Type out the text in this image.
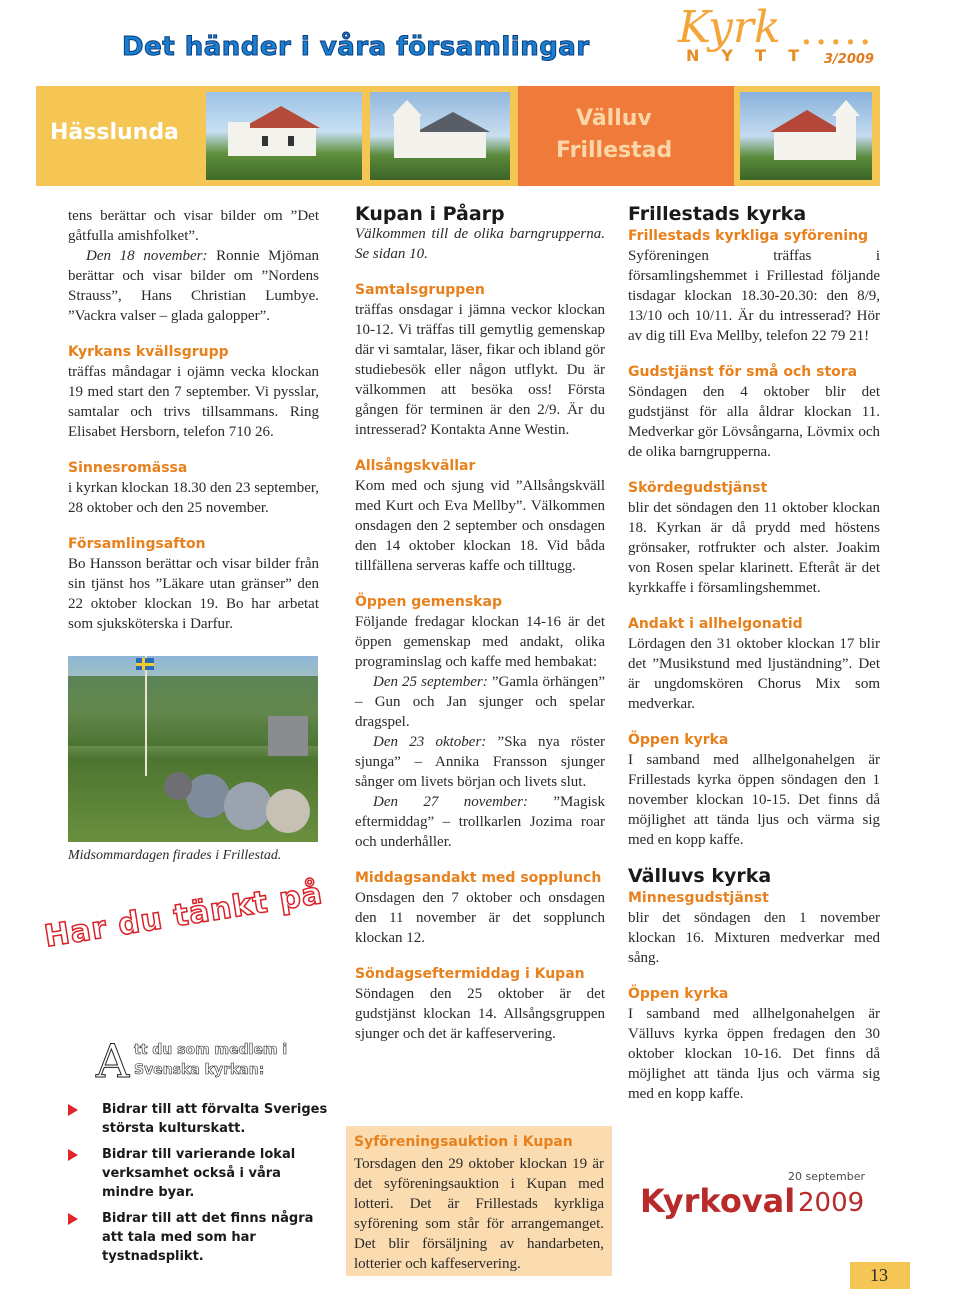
Det händer i våra församlingar Kyrk .....
NYTT 3/2009
Hässlunda
Välluv
Frillestad

tens berättar och visar bilder om ”Det gåtfulla amishfolket”.

Den 18 november: Ronnie Mjöman berättar och visar bilder om ”Nordens Strauss”, Hans Christian Lumbye. ”Vackra valser – glada galopper”.

Kyrkans kvällsgrupp

träffas måndagar i ojämn vecka klockan 19 med start den 7 september. Vi pysslar, samtalar och trivs tillsammans. Ring Elisabet Hersborn, telefon 710 26.

Sinnesromässa

i kyrkan klockan 18.30 den 23 september, 28 oktober och den 25 november.

Församlingsafton

Bo Hansson berättar och visar bilder från sin tjänst hos ”Läkare utan gränser” den 22 oktober klockan 19. Bo har arbetat som sjuksköterska i Darfur.

Midsommardagen firades i Frillestad.
Har du tänkt på
A tt du som medlem i
Svenska kyrkan:
Bidrar till att förvalta Sveriges största kulturskatt.
Bidrar till varierande lokal verksamhet också i våra mindre byar.
Bidrar till att det finns några att tala med som har tystnadsplikt.
Kupan i Påarp

Välkommen till de olika barngrupperna. Se sidan 10.

Samtalsgruppen

träffas onsdagar i jämna veckor klockan 10-12. Vi träffas till gemytlig gemenskap där vi samtalar, läser, fikar och ibland gör studiebesök eller någon utflykt. Du är välkommen att besöka oss! Första gången för terminen är den 2/9. Är du intresserad? Kontakta Anne Westin.

Allsångskvällar

Kom med och sjung vid ”Allsångskväll med Kurt och Eva Mellby”. Välkommen onsdagen den 2 september och onsdagen den 14 oktober klockan 18. Vid båda tillfällena serveras kaffe och tilltugg.

Öppen gemenskap

Följande fredagar klockan 14-16 är det öppen gemenskap med andakt, olika programinslag och kaffe med hembakat:

Den 25 september: ”Gamla örhängen” – Gun och Jan sjunger och spelar dragspel.

Den 23 oktober: ”Ska nya röster sjunga” – Annika Fransson sjunger sånger om livets början och livets slut.

Den 27 november: ”Magisk eftermiddag” – trollkarlen Jozima roar och underhåller.

Middagsandakt med sopplunch

Onsdagen den 7 oktober och onsdagen den 11 november är det sopplunch klockan 12.

Söndagseftermiddag i Kupan

Söndagen den 25 oktober är det gudstjänst klockan 14. Allsångsgruppen sjunger och det är kaffeservering.

Syföreningsauktion i Kupan

Torsdagen den 29 oktober klockan 19 är det syföreningsauktion i Kupan med lotteri. Det är Frillestads kyrkliga syförening som står för arrangemanget. Det blir försäljning av handarbeten, lotterier och kaffeservering.

Frillestads kyrka
Frillestads kyrkliga syförening

Syföreningen träffas i församlingshemmet i Frillestad följande tisdagar klockan 18.30-20.30: den 8/9, 13/10 och 10/11. Är du intresserad? Hör av dig till Eva Mellby, telefon 22 79 21!

Gudstjänst för små och stora

Söndagen den 4 oktober blir det gudstjänst för alla åldrar klockan 11. Medverkar gör Lövsångarna, Lövmix och de olika barngrupperna.

Skördegudstjänst

blir det söndagen den 11 oktober klockan 18. Kyrkan är då prydd med höstens grönsaker, rotfrukter och alster. Joakim von Rosen spelar klarinett. Efteråt är det kyrkkaffe i församlingshemmet.

Andakt i allhelgonatid

Lördagen den 31 oktober klockan 17 blir det ”Musikstund med ljuständning”. Det är ungdomskören Chorus Mix som medverkar.

Öppen kyrka

I samband med allhelgonahelgen är Frillestads kyrka öppen söndagen den 1 november klockan 10-15. Det finns då möjlighet att tända ljus och värma sig med en kopp kaffe.

Välluvs kyrka
Minnesgudstjänst

blir det söndagen den 1 november klockan 16. Mixturen medverkar med sång.

Öppen kyrka

I samband med allhelgonahelgen är Välluvs kyrka öppen fredagen den 30 oktober klockan 10-16. Det finns då möjlighet att tända ljus och värma sig med en kopp kaffe.

20 september
Kyrkoval 2009
13
